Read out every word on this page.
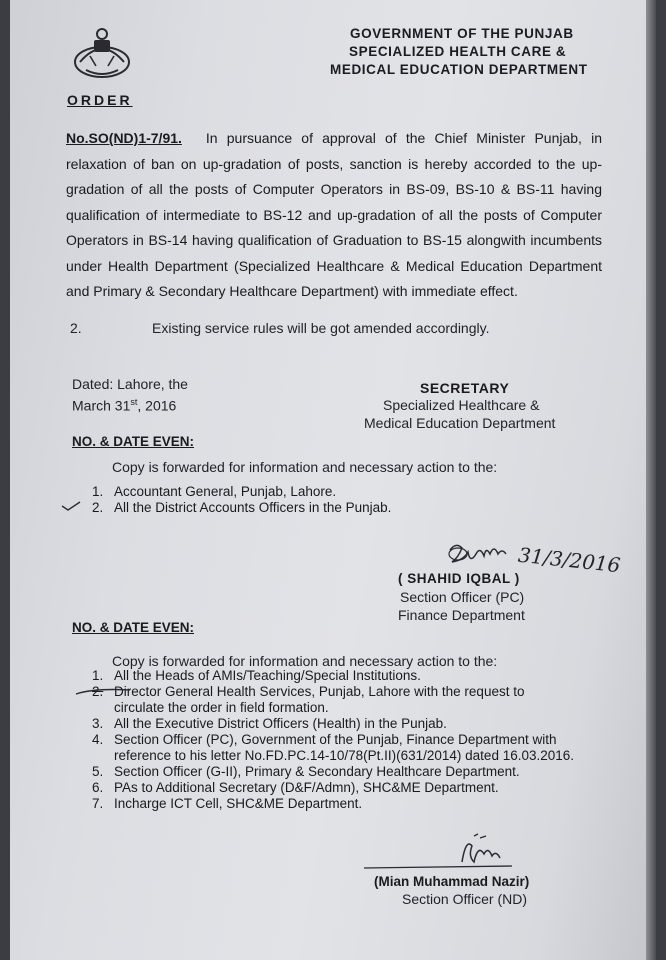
GOVERNMENT OF THE PUNJAB
SPECIALIZED HEALTH CARE &
MEDICAL EDUCATION DEPARTMENT
ORDER
No.SO(ND)1-7/91. In pursuance of approval of the Chief Minister Punjab, in relaxation of ban on up-gradation of posts, sanction is hereby accorded to the up-gradation of all the posts of Computer Operators in BS-09, BS-10 & BS-11 having qualification of intermediate to BS-12 and up-gradation of all the posts of Computer Operators in BS-14 having qualification of Graduation to BS-15 alongwith incumbents under Health Department (Specialized Healthcare & Medical Education Department and Primary & Secondary Healthcare Department) with immediate effect.
2.	Existing service rules will be got amended accordingly.
Dated: Lahore, the
March 31st, 2016
SECRETARY
Specialized Healthcare &
Medical Education Department
NO. & DATE EVEN:
Copy is forwarded for information and necessary action to the:
1. Accountant General, Punjab, Lahore.
2. All the District Accounts Officers in the Punjab.
31/3/2016
( SHAHID IQBAL )
Section Officer (PC)
Finance Department
NO. & DATE EVEN:
Copy is forwarded for information and necessary action to the:
1. All the Heads of AMIs/Teaching/Special Institutions.
2. Director General Health Services, Punjab, Lahore with the request to
circulate the order in field formation.
3. All the Executive District Officers (Health) in the Punjab.
4. Section Officer (PC), Government of the Punjab, Finance Department with
reference to his letter No.FD.PC.14-10/78(Pt.II)(631/2014) dated 16.03.2016.
5. Section Officer (G-II), Primary & Secondary Healthcare Department.
6. PAs to Additional Secretary (D&F/Admn), SHC&ME Department.
7. Incharge ICT Cell, SHC&ME Department.
(Mian Muhammad Nazir)
Section Officer (ND)
